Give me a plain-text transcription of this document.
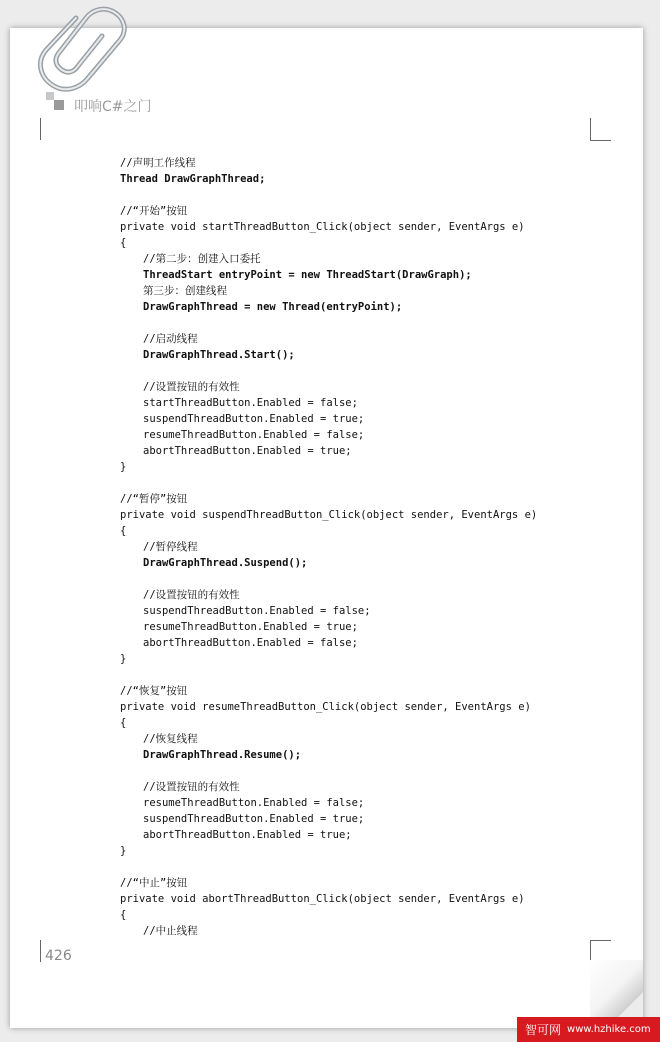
叩响C#之门
//声明工作线程
Thread DrawGraphThread;
//“开始”按钮
private void startThreadButton_Click(object sender, EventArgs e)
{
//第二步：创建入口委托
ThreadStart entryPoint = new ThreadStart(DrawGraph);
第三步：创建线程
DrawGraphThread = new Thread(entryPoint);
//启动线程
DrawGraphThread.Start();
//设置按钮的有效性
startThreadButton.Enabled = false;
suspendThreadButton.Enabled = true;
resumeThreadButton.Enabled = false;
abortThreadButton.Enabled = true;
}
//“暂停”按钮
private void suspendThreadButton_Click(object sender, EventArgs e)
{
//暂停线程
DrawGraphThread.Suspend();
//设置按钮的有效性
suspendThreadButton.Enabled = false;
resumeThreadButton.Enabled = true;
abortThreadButton.Enabled = false;
}
//“恢复”按钮
private void resumeThreadButton_Click(object sender, EventArgs e)
{
//恢复线程
DrawGraphThread.Resume();
//设置按钮的有效性
resumeThreadButton.Enabled = false;
suspendThreadButton.Enabled = true;
abortThreadButton.Enabled = true;
}
//“中止”按钮
private void abortThreadButton_Click(object sender, EventArgs e)
{
//中止线程
426
智可网 www.hzhike.com
